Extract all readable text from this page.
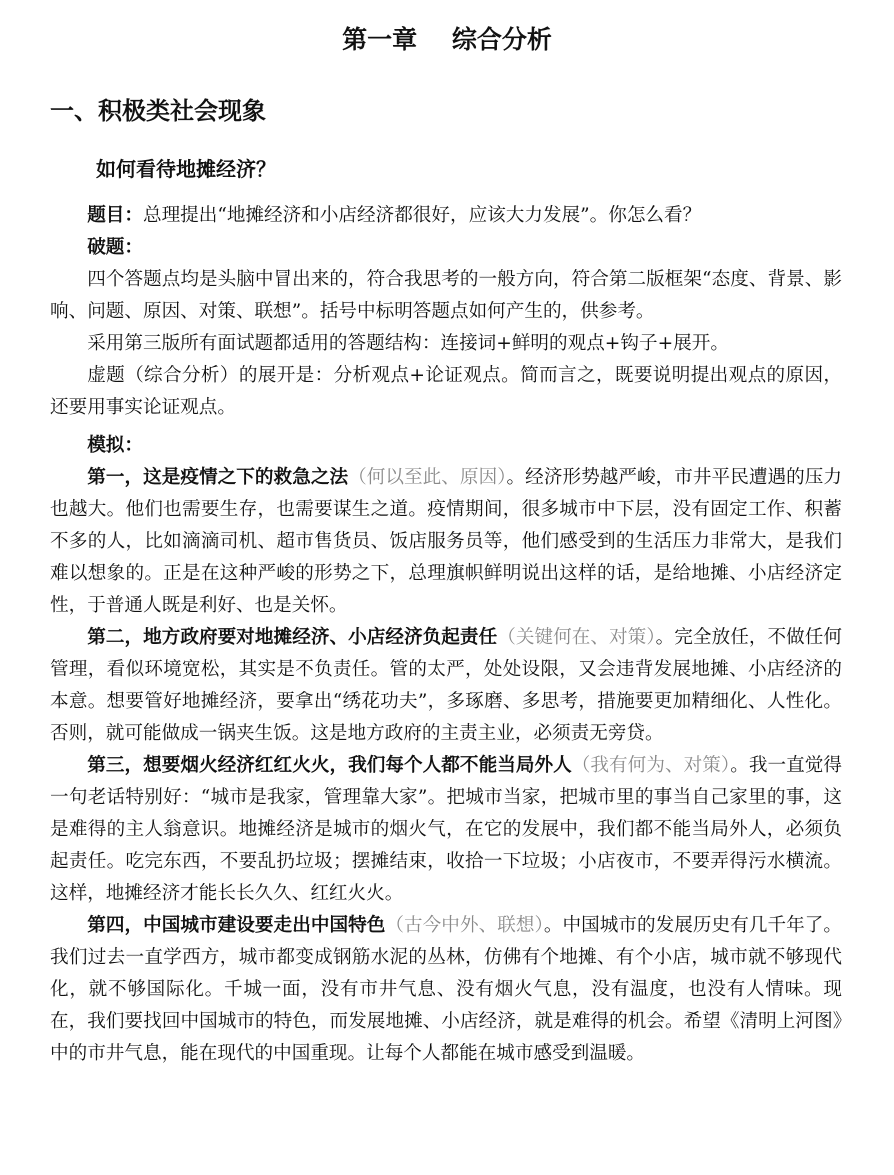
第一章    综合分析
一、积极类社会现象
如何看待地摊经济？

题目：总理提出“地摊经济和小店经济都很好，应该大力发展”。你怎么看？

破题：

四个答题点均是头脑中冒出来的，符合我思考的一般方向，符合第二版框架“态度、背景、影响、问题、原因、对策、联想”。括号中标明答题点如何产生的，供参考。

采用第三版所有面试题都适用的答题结构：连接词+鲜明的观点+钩子+展开。

虚题（综合分析）的展开是：分析观点+论证观点。简而言之，既要说明提出观点的原因，还要用事实论证观点。

模拟：

第一，这是疫情之下的救急之法（何以至此、原因）。经济形势越严峻，市井平民遭遇的压力也越大。他们也需要生存，也需要谋生之道。疫情期间，很多城市中下层，没有固定工作、积蓄不多的人，比如滴滴司机、超市售货员、饭店服务员等，他们感受到的生活压力非常大，是我们难以想象的。正是在这种严峻的形势之下，总理旗帜鲜明说出这样的话，是给地摊、小店经济定性，于普通人既是利好、也是关怀。

第二，地方政府要对地摊经济、小店经济负起责任（关键何在、对策）。完全放任，不做任何管理，看似环境宽松，其实是不负责任。管的太严，处处设限，又会违背发展地摊、小店经济的本意。想要管好地摊经济，要拿出“绣花功夫”，多琢磨、多思考，措施要更加精细化、人性化。否则，就可能做成一锅夹生饭。这是地方政府的主责主业，必须责无旁贷。

第三，想要烟火经济红红火火，我们每个人都不能当局外人（我有何为、对策）。我一直觉得一句老话特别好：“城市是我家，管理靠大家”。把城市当家，把城市里的事当自己家里的事，这是难得的主人翁意识。地摊经济是城市的烟火气，在它的发展中，我们都不能当局外人，必须负起责任。吃完东西，不要乱扔垃圾；摆摊结束，收拾一下垃圾；小店夜市，不要弄得污水横流。这样，地摊经济才能长长久久、红红火火。

第四，中国城市建设要走出中国特色（古今中外、联想）。中国城市的发展历史有几千年了。我们过去一直学西方，城市都变成钢筋水泥的丛林，仿佛有个地摊、有个小店，城市就不够现代化，就不够国际化。千城一面，没有市井气息、没有烟火气息，没有温度，也没有人情味。现在，我们要找回中国城市的特色，而发展地摊、小店经济，就是难得的机会。希望《清明上河图》中的市井气息，能在现代的中国重现。让每个人都能在城市感受到温暖。
